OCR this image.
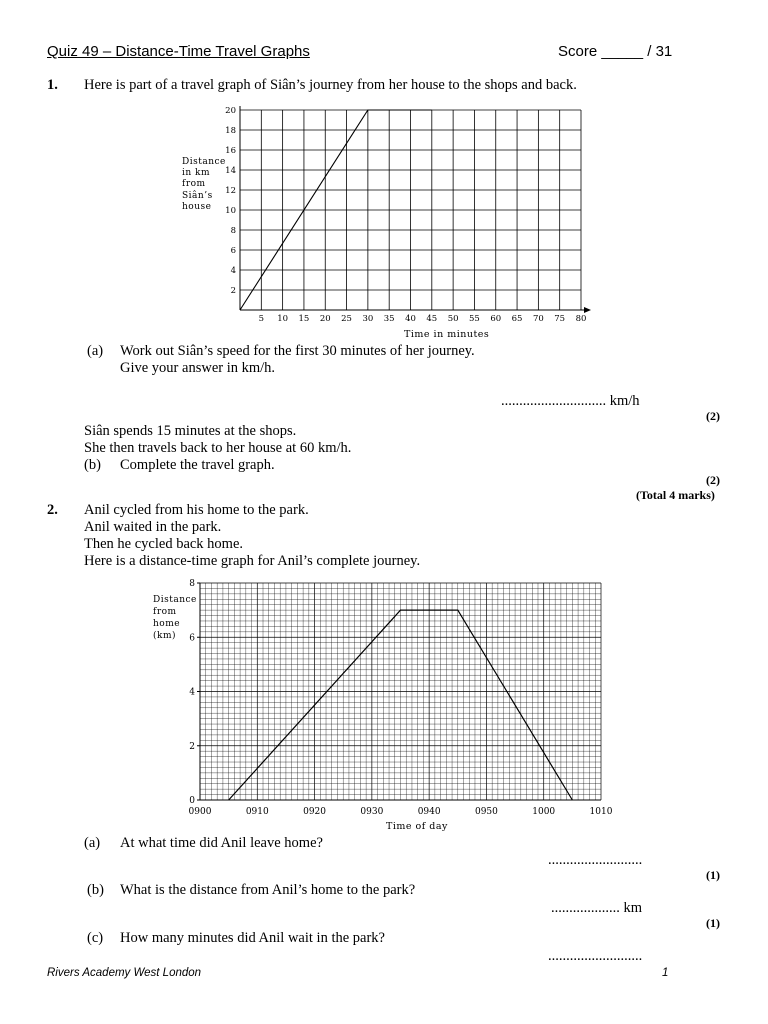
Quiz 49 – Distance-Time Travel Graphs	Score _____ / 31
1. Here is part of a travel graph of Siân’s journey from her house to the shops and back.
Distance
in km
from
Siân’s
house
5 10 15 20 25 30 35 40 45 50 55 60 65 70 75 80
2
4
6
8
10
12
14
16
18
20
Time in minutes
(a) Work out Siân’s speed for the first 30 minutes of her journey.
Give your answer in km/h.
............................. km/h
(2)
Siân spends 15 minutes at the shops.
She then travels back to her house at 60 km/h.
(b) Complete the travel graph.
(2)
(Total 4 marks)
2. Anil cycled from his home to the park.
Anil waited in the park.
Then he cycled back home.
Here is a distance-time graph for Anil’s complete journey.
Distance
from
home
(km)
0900	0910	0920	0930	0940	0950	1000	1010
0
2
4
6
8
Time of day
(a) At what time did Anil leave home?
..........................
(1)
(b) What is the distance from Anil’s home to the park?
................... km
(1)
(c) How many minutes did Anil wait in the park?
..........................
Rivers Academy West London	1
